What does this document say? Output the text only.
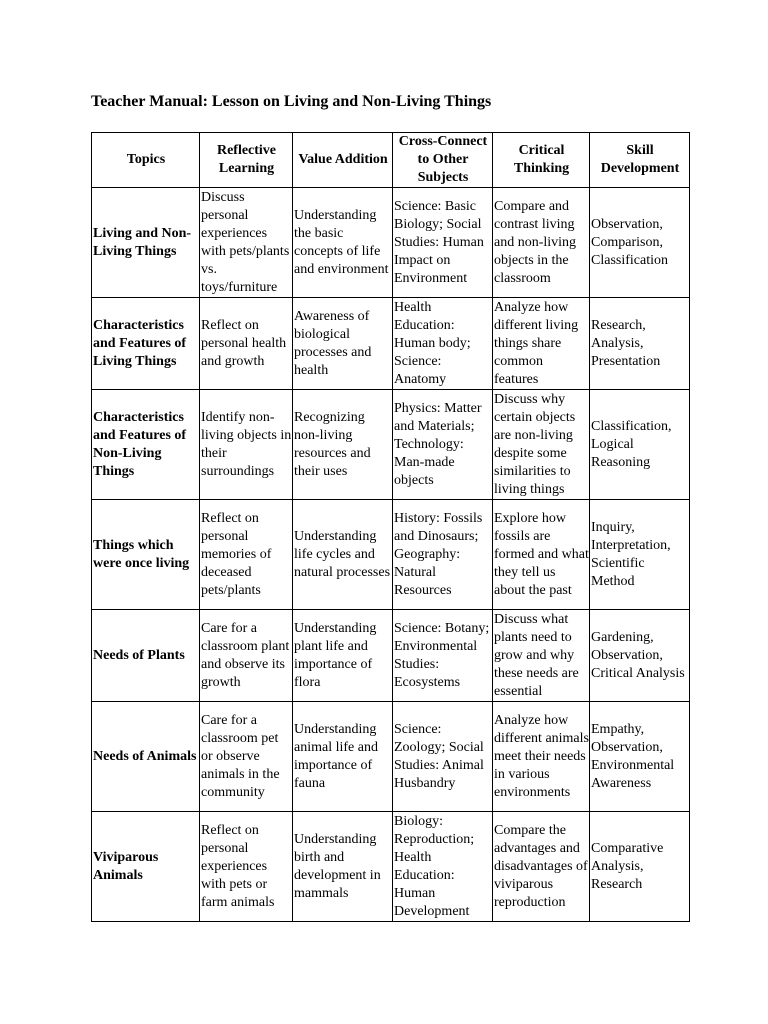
Teacher Manual: Lesson on Living and Non-Living Things
Topics	Reflective Learning	Value Addition	Cross-Connect to Other Subjects	Critical Thinking	Skill Development
Living and Non-Living Things	Discuss personal experiences with pets/plants vs. toys/furniture	Understanding the basic concepts of life and environment	Science: Basic Biology; Social Studies: Human Impact on Environment	Compare and contrast living and non-living objects in the classroom	Observation, Comparison, Classification
Characteristics and Features of Living Things	Reflect on personal health and growth	Awareness of biological processes and health	Health Education: Human body; Science: Anatomy	Analyze how different living things share common features	Research, Analysis, Presentation
Characteristics and Features of Non-Living Things	Identify non-living objects in their surroundings	Recognizing non-living resources and their uses	Physics: Matter and Materials; Technology: Man-made objects	Discuss why certain objects are non-living despite some similarities to living things	Classification, Logical Reasoning
Things which were once living	Reflect on personal memories of deceased pets/plants	Understanding life cycles and natural processes	History: Fossils and Dinosaurs; Geography: Natural Resources	Explore how fossils are formed and what they tell us about the past	Inquiry, Interpretation, Scientific Method
Needs of Plants	Care for a classroom plant and observe its growth	Understanding plant life and importance of flora	Science: Botany; Environmental Studies: Ecosystems	Discuss what plants need to grow and why these needs are essential	Gardening, Observation, Critical Analysis
Needs of Animals	Care for a classroom pet or observe animals in the community	Understanding animal life and importance of fauna	Science: Zoology; Social Studies: Animal Husbandry	Analyze how different animals meet their needs in various environments	Empathy, Observation, Environmental Awareness
Viviparous Animals	Reflect on personal experiences with pets or farm animals	Understanding birth and development in mammals	Biology: Reproduction; Health Education: Human Development	Compare the advantages and disadvantages of viviparous reproduction	Comparative Analysis, Research
